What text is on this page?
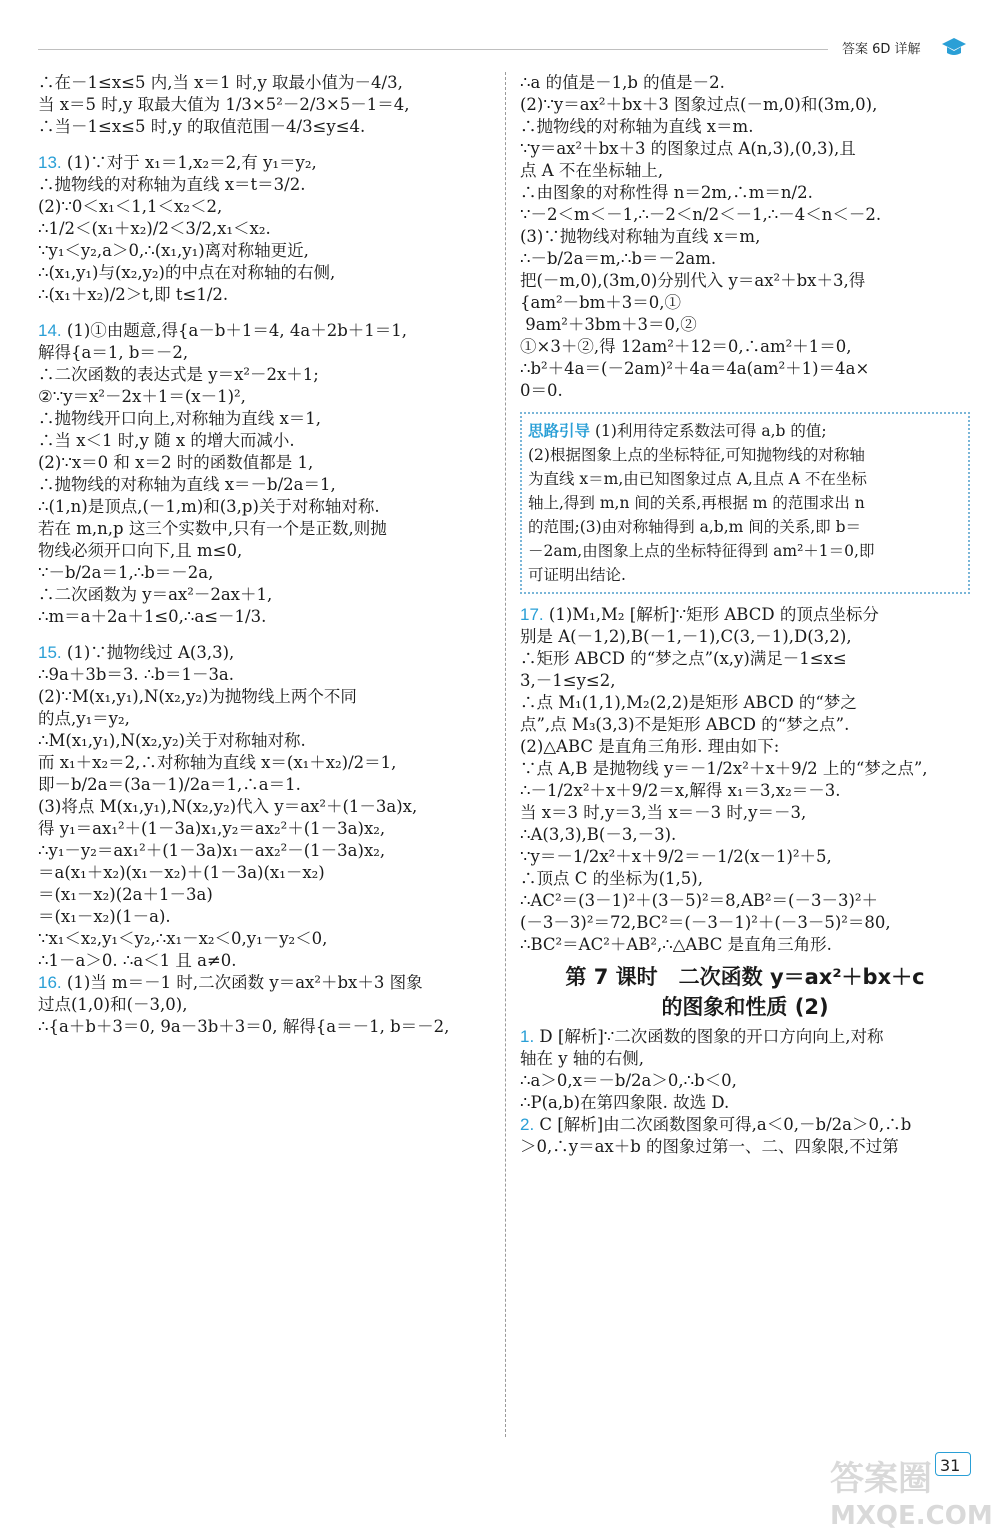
答案 6D 详解
∴在－1≤x≤5 内,当 x＝1 时,y 取最小值为－4/3,
当 x＝5 时,y 取最大值为 1/3×5²－2/3×5－1＝4,
∴当－1≤x≤5 时,y 的取值范围－4/3≤y≤4.
13. (1)∵对于 x₁＝1,x₂＝2,有 y₁＝y₂,
∴抛物线的对称轴为直线 x＝t＝3/2.
(2)∵0＜x₁＜1,1＜x₂＜2,
∴1/2＜(x₁＋x₂)/2＜3/2,x₁＜x₂.
∵y₁＜y₂,a＞0,∴(x₁,y₁)离对称轴更近,
∴(x₁,y₁)与(x₂,y₂)的中点在对称轴的右侧,
∴(x₁＋x₂)/2＞t,即 t≤1/2.
14. (1)①由题意,得{a－b＋1＝4, 4a＋2b＋1＝1,
解得{a＝1, b＝－2,
∴二次函数的表达式是 y＝x²－2x＋1;
②∵y＝x²－2x＋1＝(x－1)²,
∴抛物线开口向上,对称轴为直线 x＝1,
∴当 x＜1 时,y 随 x 的增大而减小.
(2)∵x＝0 和 x＝2 时的函数值都是 1,
∴抛物线的对称轴为直线 x＝－b/2a＝1,
∴(1,n)是顶点,(－1,m)和(3,p)关于对称轴对称.
若在 m,n,p 这三个实数中,只有一个是正数,则抛
物线必须开口向下,且 m≤0,
∵－b/2a＝1,∴b＝－2a,
∴二次函数为 y＝ax²－2ax＋1,
∴m＝a＋2a＋1≤0,∴a≤－1/3.
15. (1)∵抛物线过 A(3,3),
∴9a＋3b＝3. ∴b＝1－3a.
(2)∵M(x₁,y₁),N(x₂,y₂)为抛物线上两个不同
的点,y₁＝y₂,
∴M(x₁,y₁),N(x₂,y₂)关于对称轴对称.
而 x₁＋x₂＝2,∴对称轴为直线 x＝(x₁＋x₂)/2＝1,
即－b/2a＝(3a－1)/2a＝1,∴a＝1.
(3)将点 M(x₁,y₁),N(x₂,y₂)代入 y＝ax²＋(1－3a)x,
得 y₁＝ax₁²＋(1－3a)x₁,y₂＝ax₂²＋(1－3a)x₂,
∴y₁－y₂＝ax₁²＋(1－3a)x₁－ax₂²－(1－3a)x₂,
＝a(x₁＋x₂)(x₁－x₂)＋(1－3a)(x₁－x₂)
＝(x₁－x₂)(2a＋1－3a)
＝(x₁－x₂)(1－a).
∵x₁＜x₂,y₁＜y₂,∴x₁－x₂＜0,y₁－y₂＜0,
∴1－a＞0. ∴a＜1 且 a≠0.
16. (1)当 m＝－1 时,二次函数 y＝ax²＋bx＋3 图象
过点(1,0)和(－3,0),
∴{a＋b＋3＝0, 9a－3b＋3＝0, 解得{a＝－1, b＝－2,
∴a 的值是－1,b 的值是－2.
(2)∵y＝ax²＋bx＋3 图象过点(－m,0)和(3m,0),
∴抛物线的对称轴为直线 x＝m.
∵y＝ax²＋bx＋3 的图象过点 A(n,3),(0,3),且
点 A 不在坐标轴上,
∴由图象的对称性得 n＝2m,∴m＝n/2.
∵－2＜m＜－1,∴－2＜n/2＜－1,∴－4＜n＜－2.
(3)∵抛物线对称轴为直线 x＝m,
∴－b/2a＝m,∴b＝－2am.
把(－m,0),(3m,0)分别代入 y＝ax²＋bx＋3,得
{am²－bm＋3＝0,①
9am²＋3bm＋3＝0,②
①×3＋②,得 12am²＋12＝0,∴am²＋1＝0,
∴b²＋4a＝(－2am)²＋4a＝4a(am²＋1)＝4a×
0＝0.
思路引导 (1)利用待定系数法可得 a,b 的值;
(2)根据图象上点的坐标特征,可知抛物线的对称轴
为直线 x＝m,由已知图象过点 A,且点 A 不在坐标
轴上,得到 m,n 间的关系,再根据 m 的范围求出 n
的范围;(3)由对称轴得到 a,b,m 间的关系,即 b＝
－2am,由图象上点的坐标特征得到 am²＋1＝0,即
可证明出结论.
17. (1)M₁,M₂ [解析]∵矩形 ABCD 的顶点坐标分
别是 A(－1,2),B(－1,－1),C(3,－1),D(3,2),
∴矩形 ABCD 的“梦之点”(x,y)满足－1≤x≤
3,－1≤y≤2,
∴点 M₁(1,1),M₂(2,2)是矩形 ABCD 的“梦之
点”,点 M₃(3,3)不是矩形 ABCD 的“梦之点”.
(2)△ABC 是直角三角形. 理由如下:
∵点 A,B 是抛物线 y＝－1/2x²＋x＋9/2 上的“梦之点”,
∴－1/2x²＋x＋9/2＝x,解得 x₁＝3,x₂＝－3.
当 x＝3 时,y＝3,当 x＝－3 时,y＝－3,
∴A(3,3),B(－3,－3).
∵y＝－1/2x²＋x＋9/2＝－1/2(x－1)²＋5,
∴顶点 C 的坐标为(1,5),
∴AC²＝(3－1)²＋(3－5)²＝8,AB²＝(－3－3)²＋
(－3－3)²＝72,BC²＝(－3－1)²＋(－3－5)²＝80,
∴BC²＝AC²＋AB²,∴△ABC 是直角三角形.
第 7 课时　二次函数 y＝ax²＋bx＋c
的图象和性质 (2)
1. D [解析]∵二次函数的图象的开口方向向上,对称
轴在 y 轴的右侧,
∴a＞0,x＝－b/2a＞0,∴b＜0,
∴P(a,b)在第四象限. 故选 D.
2. C [解析]由二次函数图象可得,a＜0,－b/2a＞0,∴b
＞0,∴y＝ax＋b 的图象过第一、二、四象限,不过第
31
答案圈
MXQE.COM
